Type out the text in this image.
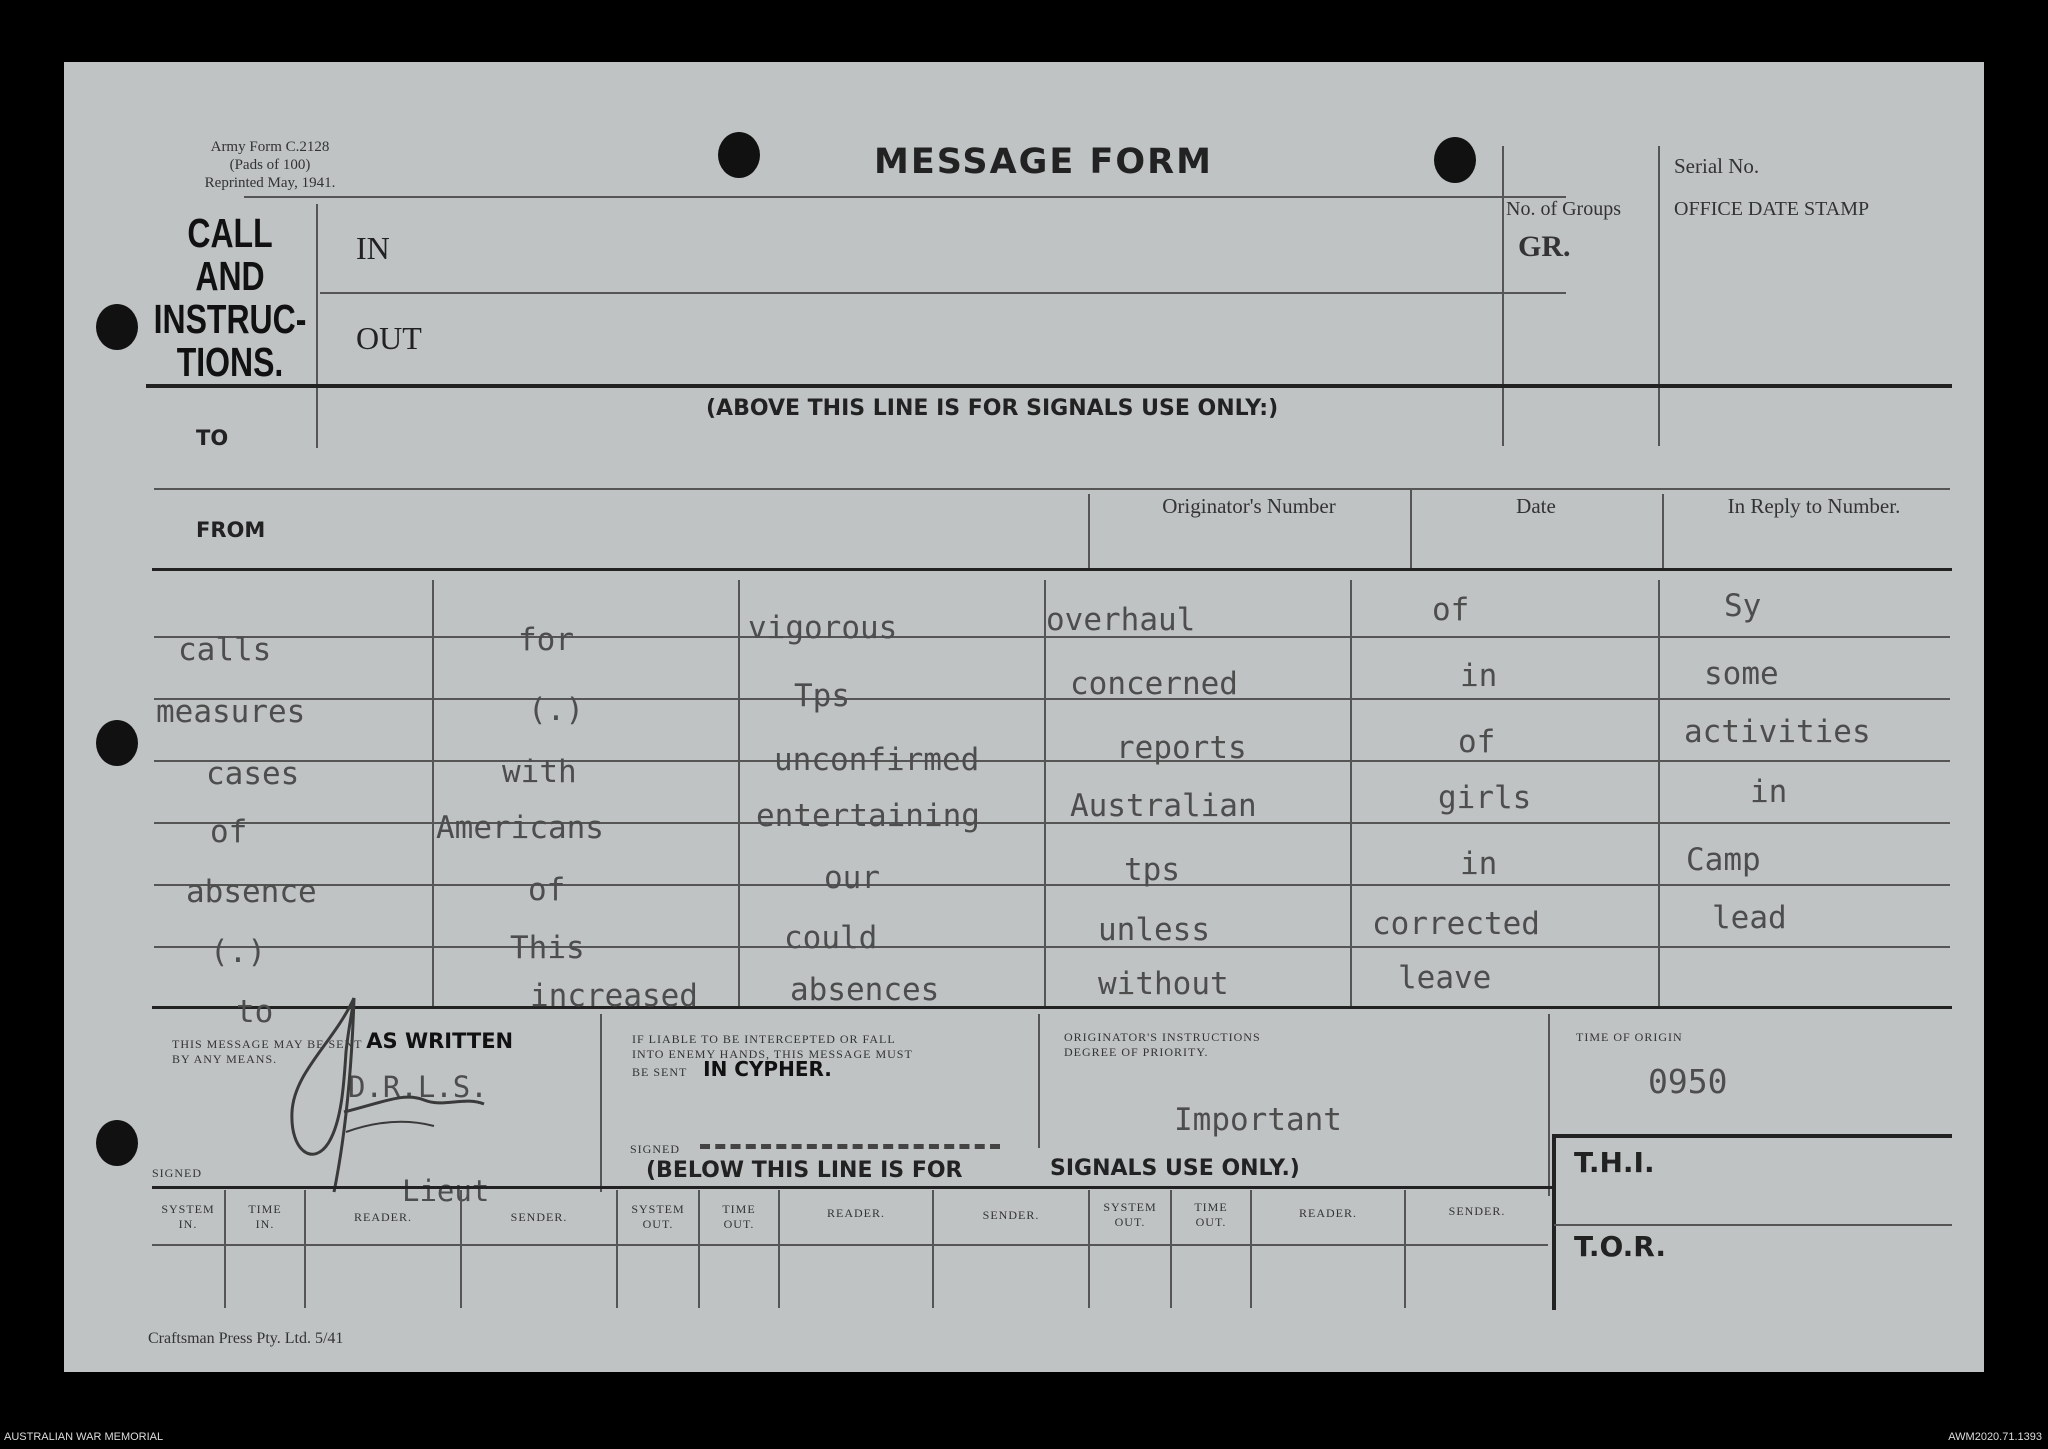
Army Form C.2128
(Pads of 100)
Reprinted May, 1941.
MESSAGE FORM	Serial No.
No. of Groups
GR.
OFFICE DATE STAMP
CALL
AND
INSTRUC-
TIONS.
IN
OUT
(ABOVE THIS LINE IS FOR SIGNALS USE ONLY:)
TO
FROM
Originator's Number	Date	In Reply to Number.
calls	for	vigorous	overhaul	of	Sy
measures	(.)	Tps	concerned	in	some
cases	with	unconfirmed	reports	of	activities
of	Americans	entertaining	Australian	girls	in
absence	of	our	tps	in	Camp
(.)	This	could	unless	corrected	lead
to	increased	absences	without	leave
THIS MESSAGE MAY BE SENT AS WRITTEN
BY ANY MEANS.
D.R.L.S.
SIGNED
Lieut
IF LIABLE TO BE INTERCEPTED OR FALL
INTO ENEMY HANDS, THIS MESSAGE MUST
BE SENT IN CYPHER.
SIGNED
ORIGINATOR'S INSTRUCTIONS
DEGREE OF PRIORITY.
Important
TIME OF ORIGIN
0950
(BELOW THIS LINE IS FOR	SIGNALS USE ONLY.)	T.H.I.
T.O.R.
SYSTEM
IN.
TIME
IN.	READER.	SENDER.
SYSTEM
OUT.
TIME
OUT.
READER.	SENDER.
SYSTEM
OUT.
TIME
OUT.
READER.	SENDER.
Craftsman Press Pty. Ltd. 5/41
AUSTRALIAN WAR MEMORIAL	AWM2020.71.1393
